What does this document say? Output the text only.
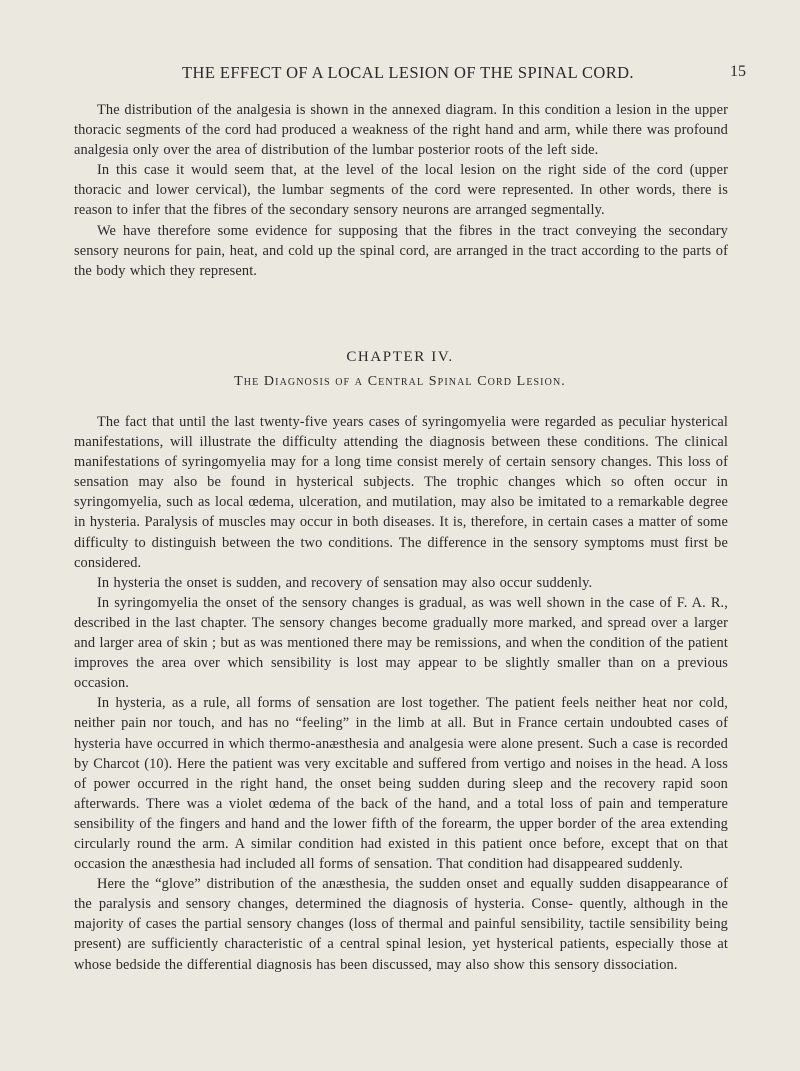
THE EFFECT OF A LOCAL LESION OF THE SPINAL CORD.	15

The distribution of the analgesia is shown in the annexed diagram. In this condition a lesion in the upper thoracic segments of the cord had produced a weakness of the right hand and arm, while there was profound analgesia only over the area of distribution of the lumbar posterior roots of the left side.

In this case it would seem that, at the level of the local lesion on the right side of the cord (upper thoracic and lower cervical), the lumbar segments of the cord were represented. In other words, there is reason to infer that the fibres of the secondary sensory neurons are arranged segmentally.

We have therefore some evidence for supposing that the fibres in the tract conveying the secondary sensory neurons for pain, heat, and cold up the spinal cord, are arranged in the tract according to the parts of the body which they represent.

CHAPTER IV.
The Diagnosis of a Central Spinal Cord Lesion.

The fact that until the last twenty-five years cases of syringomyelia were regarded as peculiar hysterical manifestations, will illustrate the difficulty attending the diagnosis between these conditions. The clinical manifestations of syringomyelia may for a long time consist merely of certain sensory changes. This loss of sensation may also be found in hysterical subjects. The trophic changes which so often occur in syringomyelia, such as local œdema, ulceration, and mutilation, may also be imitated to a remarkable degree in hysteria. Paralysis of muscles may occur in both diseases. It is, therefore, in certain cases a matter of some difficulty to distinguish between the two conditions. The difference in the sensory symptoms must first be considered.

In hysteria the onset is sudden, and recovery of sensation may also occur suddenly.

In syringomyelia the onset of the sensory changes is gradual, as was well shown in the case of F. A. R., described in the last chapter. The sensory changes become gradually more marked, and spread over a larger and larger area of skin ; but as was mentioned there may be remissions, and when the condition of the patient improves the area over which sensibility is lost may appear to be slightly smaller than on a previous occasion.

In hysteria, as a rule, all forms of sensation are lost together. The patient feels neither heat nor cold, neither pain nor touch, and has no “feeling” in the limb at all. But in France certain undoubted cases of hysteria have occurred in which thermo-anæsthesia and analgesia were alone present. Such a case is recorded by Charcot (10). Here the patient was very excitable and suffered from vertigo and noises in the head. A loss of power occurred in the right hand, the onset being sudden during sleep and the recovery rapid soon afterwards. There was a violet œdema of the back of the hand, and a total loss of pain and temperature sensibility of the fingers and hand and the lower fifth of the forearm, the upper border of the area extending circularly round the arm. A similar condition had existed in this patient once before, except that on that occasion the anæsthesia had included all forms of sensation. That condition had disappeared suddenly.

Here the “glove” distribution of the anæsthesia, the sudden onset and equally sudden disappearance of the paralysis and sensory changes, determined the diagnosis of hysteria. Conse- quently, although in the majority of cases the partial sensory changes (loss of thermal and painful sensibility, tactile sensibility being present) are sufficiently characteristic of a central spinal lesion, yet hysterical patients, especially those at whose bedside the differential diagnosis has been discussed, may also show this sensory dissociation.
